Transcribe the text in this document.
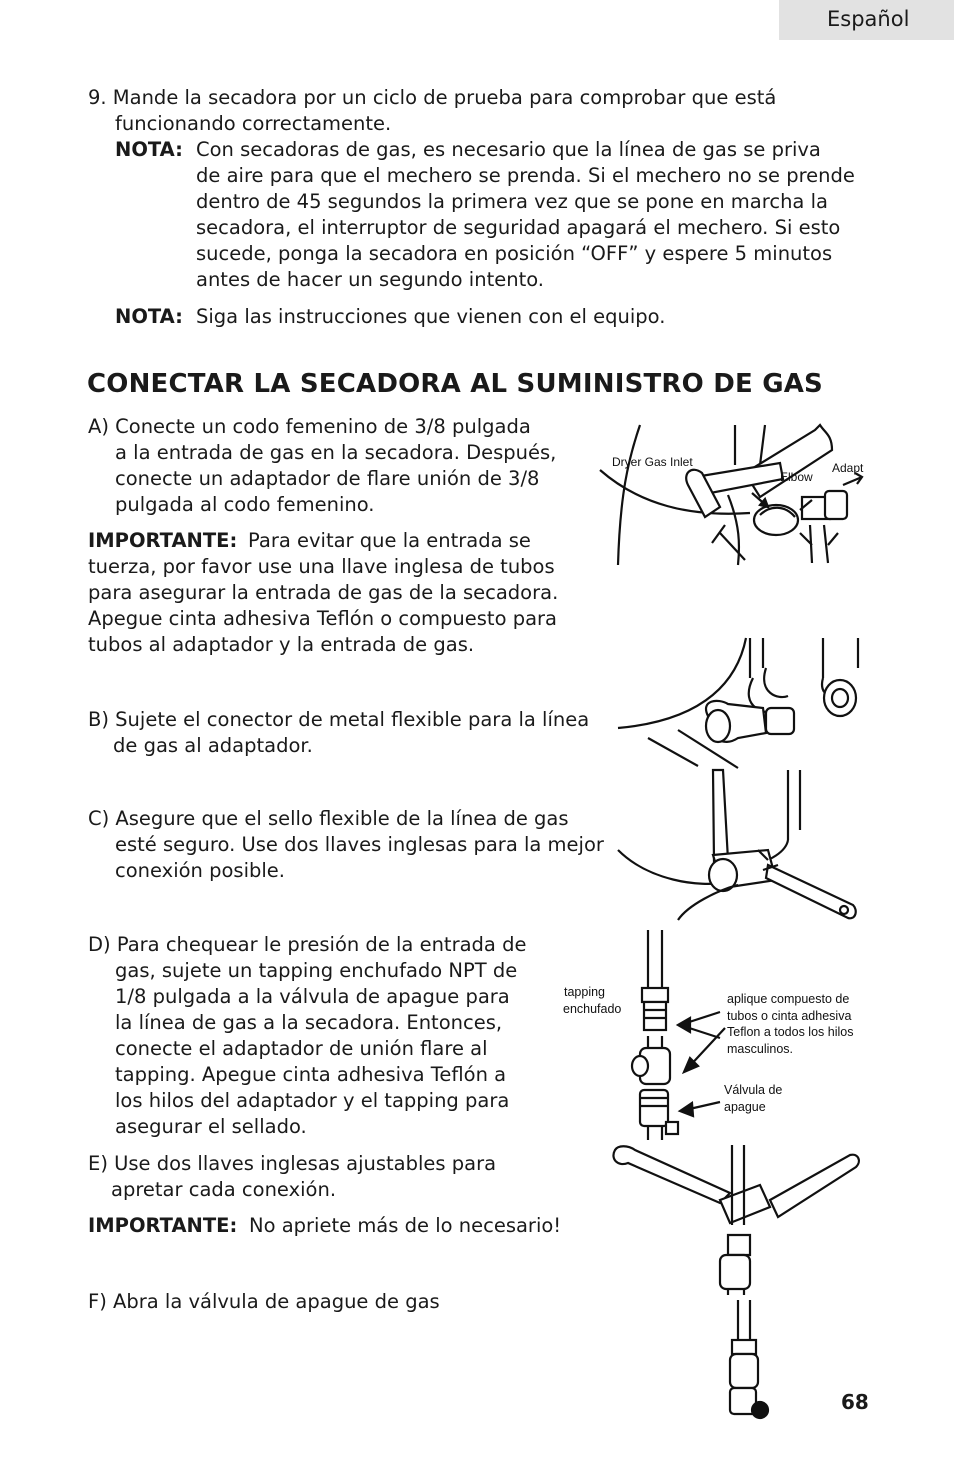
Español
9. Mande la secadora por un ciclo de prueba para comprobar que está
funcionando correctamente.
NOTA: Con secadoras de gas, es necesario que la línea de gas se priva
de aire para que el mechero se prenda. Si el mechero no se prende
dentro de 45 segundos la primera vez que se pone en marcha la
secadora, el interruptor de seguridad apagará el mechero. Si esto
sucede, ponga la secadora en posición “OFF” y espere 5 minutos
antes de hacer un segundo intento.
NOTA: Siga las instrucciones que vienen con el equipo.
CONECTAR LA SECADORA AL SUMINISTRO DE GAS
A) Conecte un codo femenino de 3/8 pulgada
a la entrada de gas en la secadora. Después,
conecte un adaptador de flare unión de 3/8
pulgada al codo femenino.
IMPORTANTE: Para evitar que la entrada se
tuerza, por favor use una llave inglesa de tubos
para asegurar la entrada de gas de la secadora.
Apegue cinta adhesiva Teflón o compuesto para
tubos al adaptador y la entrada de gas.
B) Sujete el conector de metal flexible para la línea
de gas al adaptador.
C) Asegure que el sello flexible de la línea de gas
esté seguro. Use dos llaves inglesas para la mejor
conexión posible.
D) Para chequear le presión de la entrada de
gas, sujete un tapping enchufado NPT de
1/8 pulgada a la válvula de apague para
la línea de gas a la secadora. Entonces,
conecte el adaptador de unión flare al
tapping. Apegue cinta adhesiva Teflón a
los hilos del adaptador y el tapping para
asegurar el sellado.
E) Use dos llaves inglesas ajustables para
apretar cada conexión.
IMPORTANTE: No apriete más de lo necesario!
F) Abra la válvula de apague de gas
68
Dryer Gas Inlet
Elbow
Adapt
tapping
enchufado
aplique compuesto de
tubos o cinta adhesiva
Teflon a todos los hilos
masculinos.
Válvula de
apague
